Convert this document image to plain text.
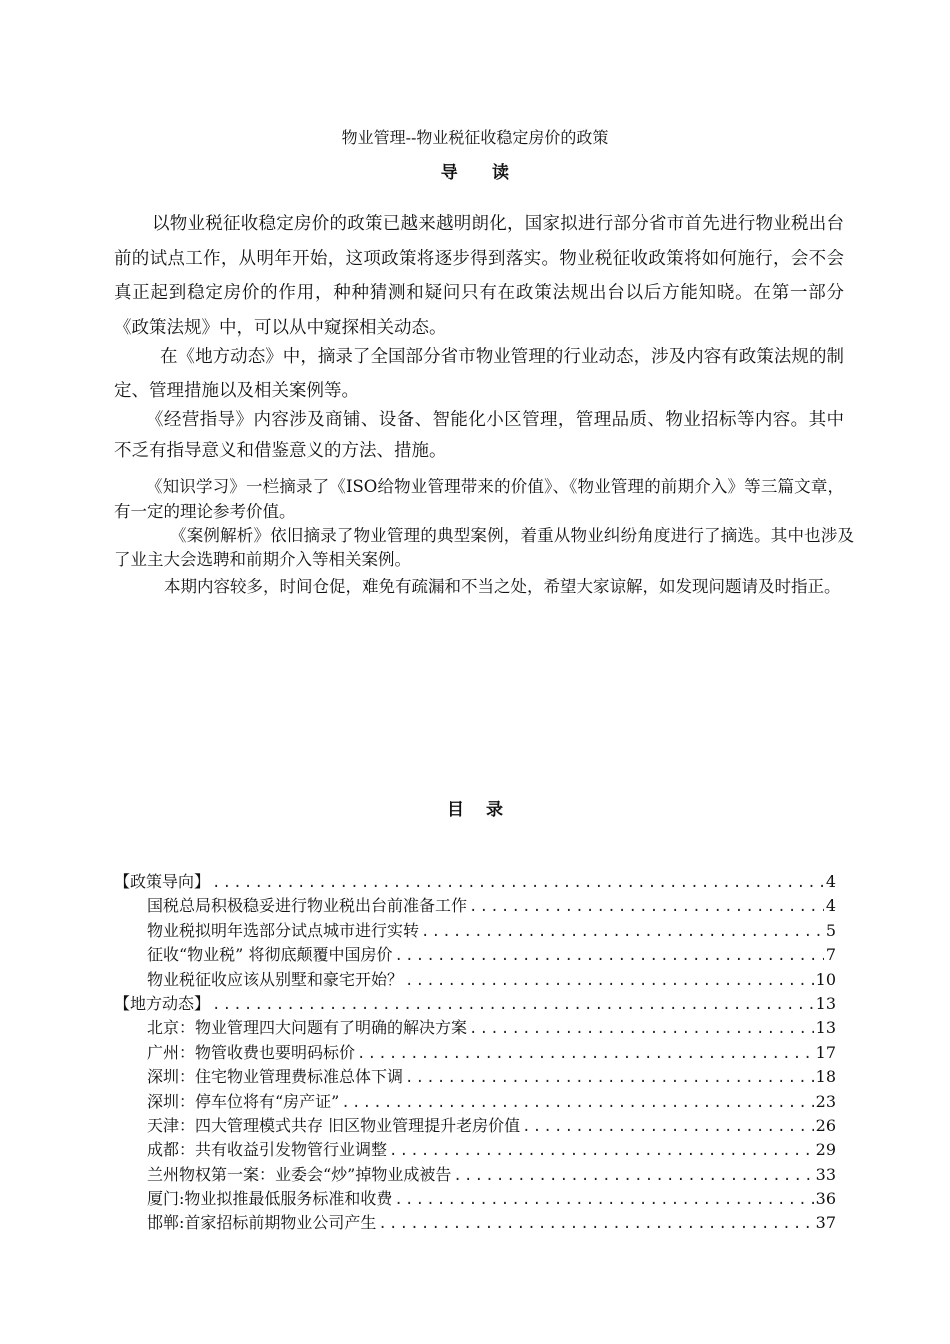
物业管理--物业税征收稳定房价的政策
导 读

以物业税征收稳定房价的政策已越来越明朗化，国家拟进行部分省市首先进行物业税出台前的试点工作，从明年开始，这项政策将逐步得到落实。物业税征收政策将如何施行，会不会真正起到稳定房价的作用，种种猜测和疑问只有在政策法规出台以后方能知晓。在第一部分《政策法规》中，可以从中窥探相关动态。

在《地方动态》中，摘录了全国部分省市物业管理的行业动态，涉及内容有政策法规的制定、管理措施以及相关案例等。

《经营指导》内容涉及商铺、设备、智能化小区管理，管理品质、物业招标等内容。其中不乏有指导意义和借鉴意义的方法、措施。

《知识学习》一栏摘录了《ISO给物业管理带来的价值》、《物业管理的前期介入》等三篇文章，有一定的理论参考价值。

《案例解析》依旧摘录了物业管理的典型案例，着重从物业纠纷角度进行了摘选。其中也涉及了业主大会选聘和前期介入等相关案例。

本期内容较多，时间仓促，难免有疏漏和不当之处，希望大家谅解，如发现问题请及时指正。

目 录
【政策导向】 .....	4
国税总局积极稳妥进行物业税出台前准备工作 .....	4
物业税拟明年选部分试点城市进行实转 .....	5
征收“物业税” 将彻底颠覆中国房价 .....	7
物业税征收应该从别墅和豪宅开始？ .....	10
【地方动态】 .....	13
北京：物业管理四大问题有了明确的解决方案 .....	13
广州：物管收费也要明码标价 .....	17
深圳：住宅物业管理费标准总体下调 .....	18
深圳：停车位将有“房产证” .....	23
天津：四大管理模式共存 旧区物业管理提升老房价值 .....	26
成都：共有收益引发物管行业调整 .....	29
兰州物权第一案：业委会“炒”掉物业成被告 .....	33
厦门:物业拟推最低服务标准和收费 .....	36
邯郸:首家招标前期物业公司产生 .....	37
